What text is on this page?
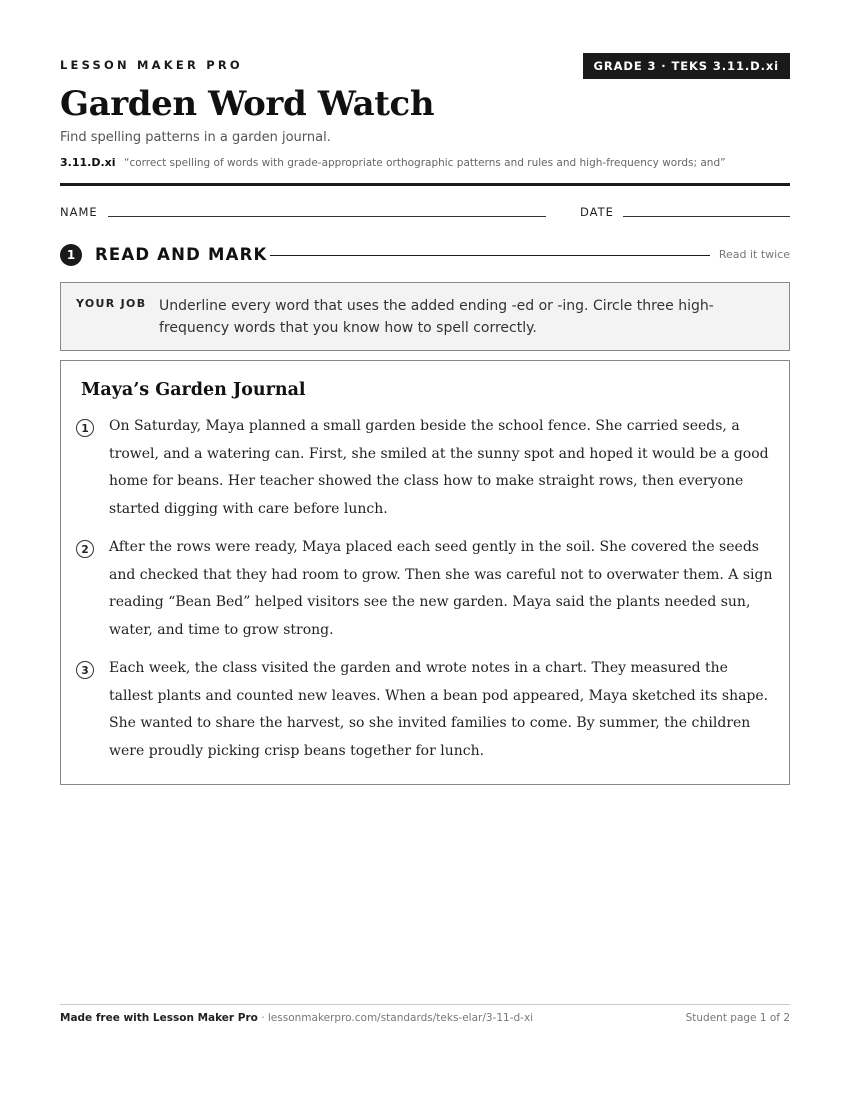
LESSON MAKER PRO	GRADE 3 · TEKS 3.11.D.xi
Garden Word Watch
Find spelling patterns in a garden journal.
3.11.D.xi “correct spelling of words with grade-appropriate orthographic patterns and rules and high-frequency words; and”
NAME	DATE
1	READ AND MARK	Read it twice
YOUR JOB Underline every word that uses the added ending -ed or -ing. Circle three high-frequency words that you know how to spell correctly.
Maya’s Garden Journal
1	On Saturday, Maya planned a small garden beside the school fence. She carried seeds, a trowel, and a watering can. First, she smiled at the sunny spot and hoped it would be a good home for beans. Her teacher showed the class how to make straight rows, then everyone started digging with care before lunch.

2	After the rows were ready, Maya placed each seed gently in the soil. She covered the seeds and checked that they had room to grow. Then she was careful not to overwater them. A sign reading “Bean Bed” helped visitors see the new garden. Maya said the plants needed sun, water, and time to grow strong.

3	Each week, the class visited the garden and wrote notes in a chart. They measured the tallest plants and counted new leaves. When a bean pod appeared, Maya sketched its shape. She wanted to share the harvest, so she invited families to come. By summer, the children were proudly picking crisp beans together for lunch.

Made free with Lesson Maker Pro · lessonmakerpro.com/standards/teks-elar/3-11-d-xi	Student page 1 of 2
